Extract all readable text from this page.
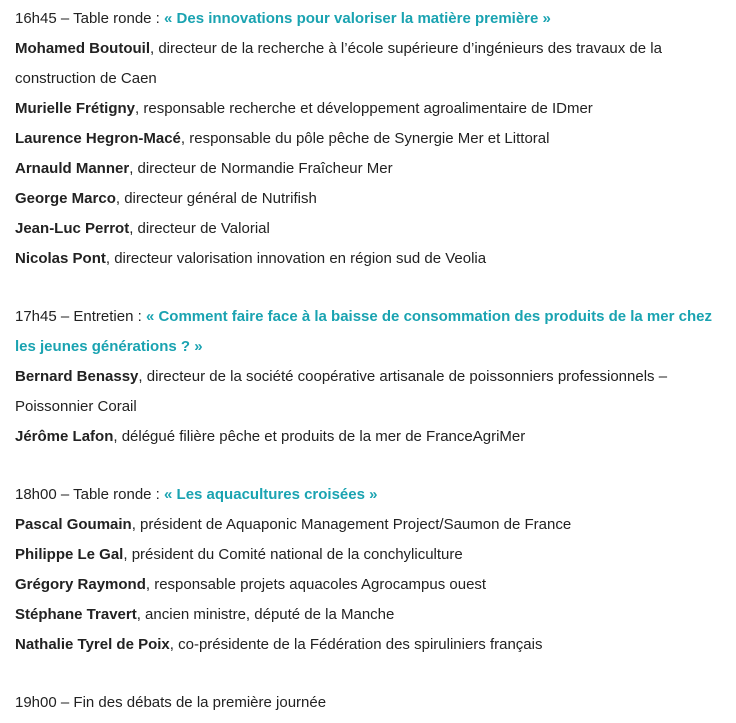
16h45 – Table ronde : « Des innovations pour valoriser la matière première »

Mohamed Boutouil, directeur de la recherche à l’école supérieure d’ingénieurs des travaux de la construction de Caen

Murielle Frétigny, responsable recherche et développement agroalimentaire de IDmer

Laurence Hegron-Macé, responsable du pôle pêche de Synergie Mer et Littoral

Arnauld Manner, directeur de Normandie Fraîcheur Mer

George Marco, directeur général de Nutrifish

Jean-Luc Perrot, directeur de Valorial

Nicolas Pont, directeur valorisation innovation en région sud de Veolia

17h45 – Entretien : « Comment faire face à la baisse de consommation des produits de la mer chez les jeunes générations ? »

Bernard Benassy, directeur de la société coopérative artisanale de poissonniers professionnels – Poissonnier Corail

Jérôme Lafon, délégué filière pêche et produits de la mer de FranceAgriMer

18h00 – Table ronde : « Les aquacultures croisées »

Pascal Goumain, président de Aquaponic Management Project/Saumon de France

Philippe Le Gal, président du Comité national de la conchyliculture

Grégory Raymond, responsable projets aquacoles Agrocampus ouest

Stéphane Travert, ancien ministre, député de la Manche

Nathalie Tyrel de Poix, co-présidente de la Fédération des spiruliniers français

19h00 – Fin des débats de la première journée
